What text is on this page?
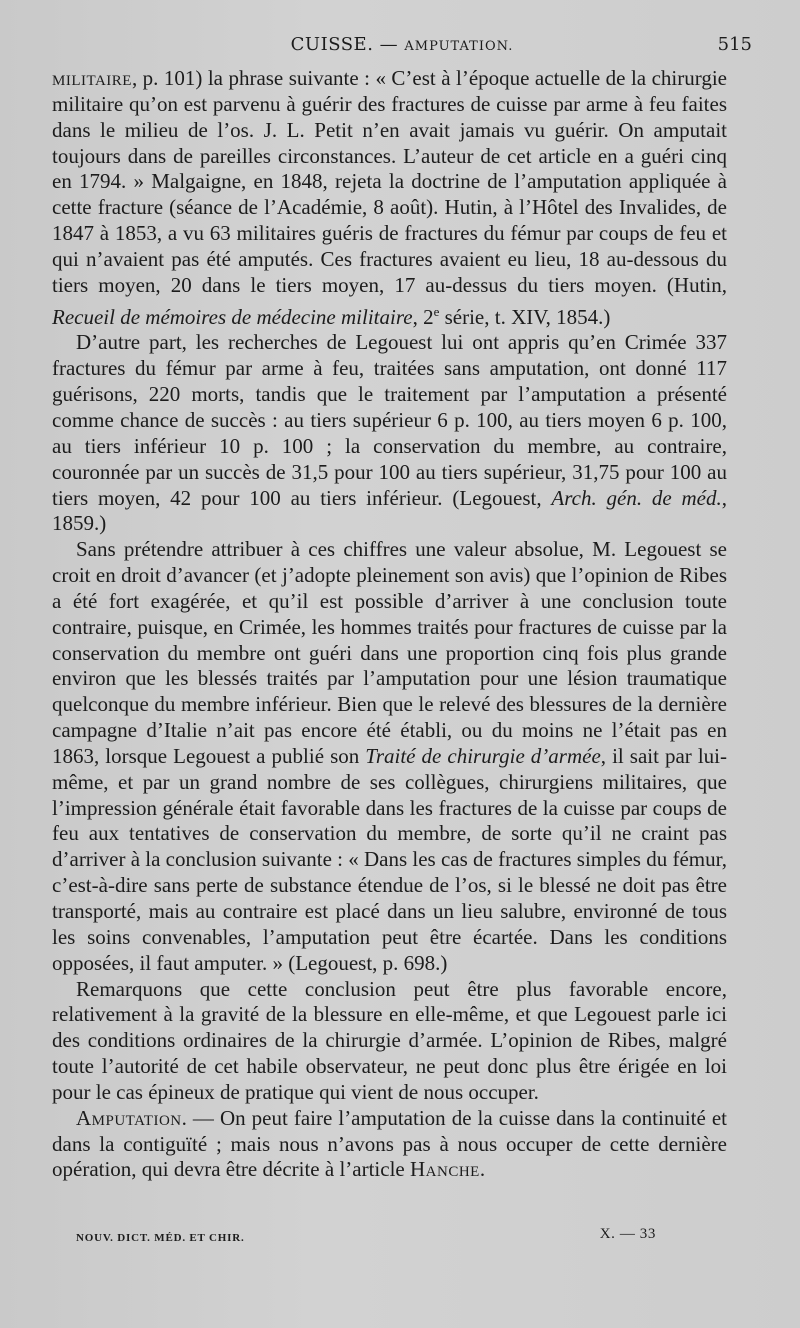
CUISSE. — AMPUTATION.	515

militaire, p. 101) la phrase suivante : « C’est à l’époque actuelle de la chirurgie militaire qu’on est parvenu à guérir des fractures de cuisse par arme à feu faites dans le milieu de l’os. J. L. Petit n’en avait jamais vu guérir. On amputait toujours dans de pareilles circonstances. L’auteur de cet article en a guéri cinq en 1794. » Malgaigne, en 1848, rejeta la doctrine de l’amputation appliquée à cette fracture (séance de l’Académie, 8 août). Hutin, à l’Hôtel des Invalides, de 1847 à 1853, a vu 63 militaires guéris de fractures du fémur par coups de feu et qui n’avaient pas été amputés. Ces fractures avaient eu lieu, 18 au-dessous du tiers moyen, 20 dans le tiers moyen, 17 au-dessus du tiers moyen. (Hutin, Recueil de mémoires de médecine militaire, 2e série, t. XIV, 1854.)

D’autre part, les recherches de Legouest lui ont appris qu’en Crimée 337 fractures du fémur par arme à feu, traitées sans amputation, ont donné 117 guérisons, 220 morts, tandis que le traitement par l’amputation a présenté comme chance de succès : au tiers supérieur 6 p. 100, au tiers moyen 6 p. 100, au tiers inférieur 10 p. 100 ; la conservation du membre, au contraire, couronnée par un succès de 31,5 pour 100 au tiers supérieur, 31,75 pour 100 au tiers moyen, 42 pour 100 au tiers inférieur. (Legouest, Arch. gén. de méd., 1859.)

Sans prétendre attribuer à ces chiffres une valeur absolue, M. Legouest se croit en droit d’avancer (et j’adopte pleinement son avis) que l’opinion de Ribes a été fort exagérée, et qu’il est possible d’arriver à une conclusion toute contraire, puisque, en Crimée, les hommes traités pour fractures de cuisse par la conservation du membre ont guéri dans une proportion cinq fois plus grande environ que les blessés traités par l’amputation pour une lésion traumatique quelconque du membre inférieur. Bien que le relevé des blessures de la dernière campagne d’Italie n’ait pas encore été établi, ou du moins ne l’était pas en 1863, lorsque Legouest a publié son Traité de chirurgie d’armée, il sait par lui-même, et par un grand nombre de ses collègues, chirurgiens militaires, que l’impression générale était favorable dans les fractures de la cuisse par coups de feu aux tentatives de conservation du membre, de sorte qu’il ne craint pas d’arriver à la conclusion suivante : « Dans les cas de fractures simples du fémur, c’est-à-dire sans perte de substance étendue de l’os, si le blessé ne doit pas être transporté, mais au contraire est placé dans un lieu salubre, environné de tous les soins convenables, l’amputation peut être écartée. Dans les conditions opposées, il faut amputer. » (Legouest, p. 698.)

Remarquons que cette conclusion peut être plus favorable encore, relativement à la gravité de la blessure en elle-même, et que Legouest parle ici des conditions ordinaires de la chirurgie d’armée. L’opinion de Ribes, malgré toute l’autorité de cet habile observateur, ne peut donc plus être érigée en loi pour le cas épineux de pratique qui vient de nous occuper.

Amputation. — On peut faire l’amputation de la cuisse dans la continuité et dans la contiguïté ; mais nous n’avons pas à nous occuper de cette dernière opération, qui devra être décrite à l’article Hanche.

NOUV. DICT. MÉD. ET CHIR.	X. — 33
